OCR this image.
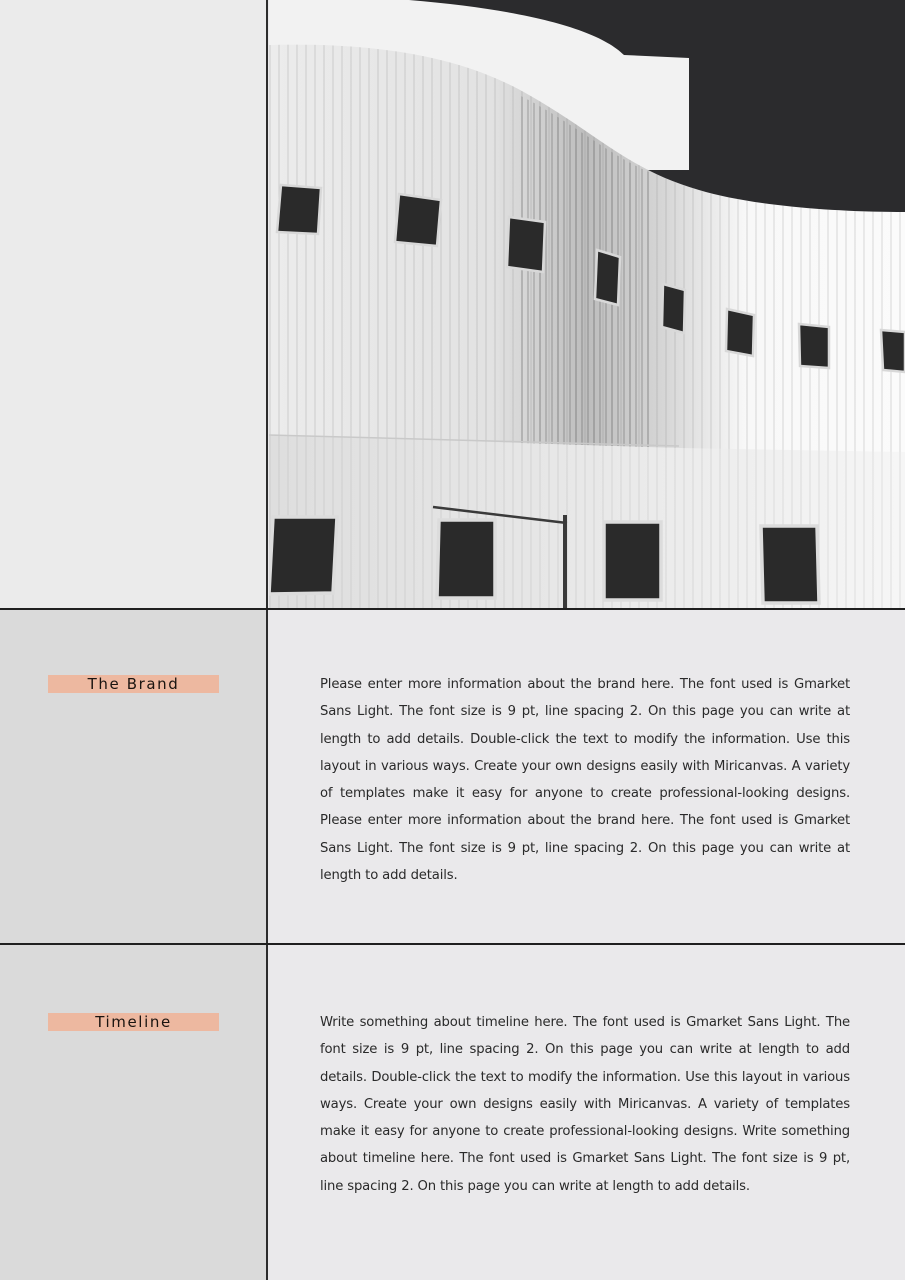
The Brand	Please enter more information about the brand here. The font used is Gmarket Sans Light. The font size is 9 pt, line spacing 2. On this page you can write at length to add details. Double-click the text to modify the information. Use this layout in various ways. Create your own designs easily with Miricanvas. A variety of templates make it easy for anyone to create professional-looking designs. Please enter more information about the brand here. The font used is Gmarket Sans Light. The font size is 9 pt, line spacing 2. On this page you can write at length to add details.
Timeline	Write something about timeline here. The font used is Gmarket Sans Light. The font size is 9 pt, line spacing 2. On this page you can write at length to add details. Double-click the text to modify the information. Use this layout in various ways. Create your own designs easily with Miricanvas. A variety of templates make it easy for anyone to create professional-looking designs. Write something about timeline here. The font used is Gmarket Sans Light. The font size is 9 pt, line spacing 2. On this page you can write at length to add details.
